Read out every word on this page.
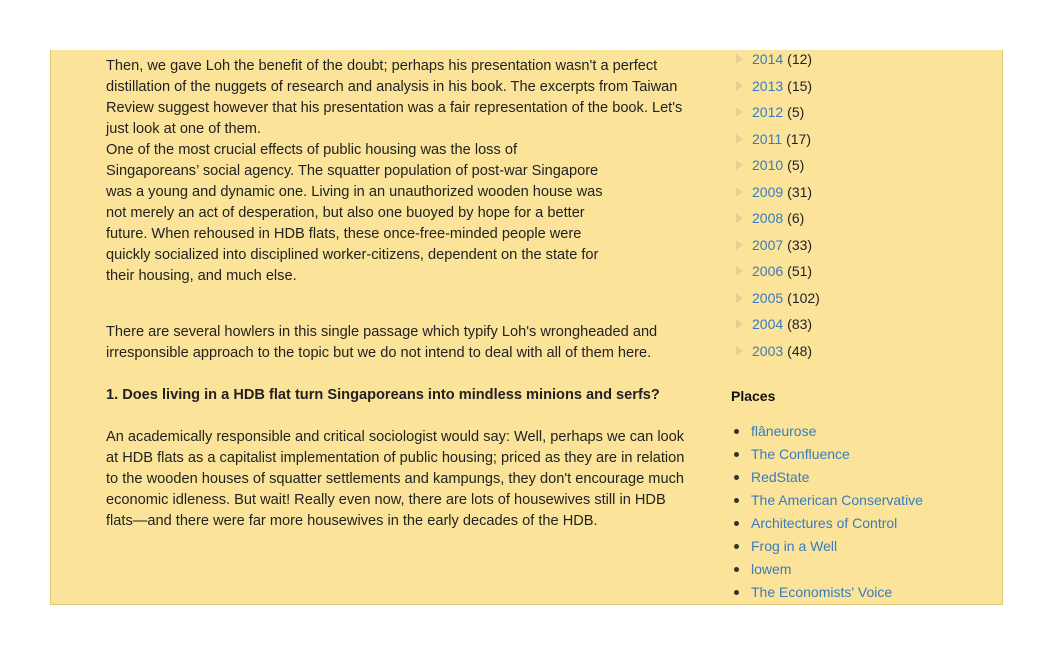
Then, we gave Loh the benefit of the doubt; perhaps his presentation wasn't a perfect distillation of the nuggets of research and analysis in his book. The excerpts from Taiwan Review suggest however that his presentation was a fair representation of the book. Let's just look at one of them.

One of the most crucial effects of public housing was the loss of Singaporeans’ social agency. The squatter population of post-war Singapore was a young and dynamic one. Living in an unauthorized wooden house was not merely an act of desperation, but also one buoyed by hope for a better future. When rehoused in HDB flats, these once-free-minded people were quickly socialized into disciplined worker-citizens, dependent on the state for their housing, and much else.

There are several howlers in this single passage which typify Loh's wrongheaded and irresponsible approach to the topic but we do not intend to deal with all of them here.

1. Does living in a HDB flat turn Singaporeans into mindless minions and serfs?

An academically responsible and critical sociologist would say: Well, perhaps we can look at HDB flats as a capitalist implementation of public housing; priced as they are in relation to the wooden houses of squatter settlements and kampungs, they don't encourage much economic idleness. But wait! Really even now, there are lots of housewives still in HDB flats—and there were far more housewives in the early decades of the HDB.

2014 (12)
2013 (15)
2012 (5)
2011 (17)
2010 (5)
2009 (31)
2008 (6)
2007 (33)
2006 (51)
2005 (102)
2004 (83)
2003 (48)
Places
flâneurose
The Confluence
RedState
The American Conservative
Architectures of Control
Frog in a Well
lowem
The Economists' Voice
